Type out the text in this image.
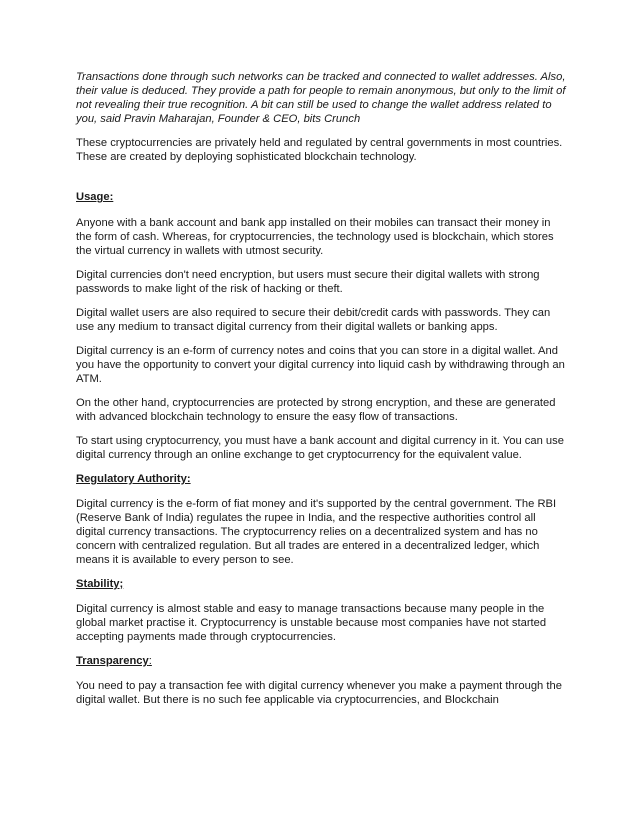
Transactions done through such networks can be tracked and connected to wallet addresses. Also, their value is deduced. They provide a path for people to remain anonymous, but only to the limit of not revealing their true recognition. A bit can still be used to change the wallet address related to you, said Pravin Maharajan, Founder & CEO, bits Crunch

These cryptocurrencies are privately held and regulated by central governments in most countries. These are created by deploying sophisticated blockchain technology.

Usage:

Anyone with a bank account and bank app installed on their mobiles can transact their money in the form of cash. Whereas, for cryptocurrencies, the technology used is blockchain, which stores the virtual currency in wallets with utmost security.

Digital currencies don't need encryption, but users must secure their digital wallets with strong passwords to make light of the risk of hacking or theft.

Digital wallet users are also required to secure their debit/credit cards with passwords. They can use any medium to transact digital currency from their digital wallets or banking apps.

Digital currency is an e-form of currency notes and coins that you can store in a digital wallet. And you have the opportunity to convert your digital currency into liquid cash by withdrawing through an ATM.

On the other hand, cryptocurrencies are protected by strong encryption, and these are generated with advanced blockchain technology to ensure the easy flow of transactions.

To start using cryptocurrency, you must have a bank account and digital currency in it. You can use digital currency through an online exchange to get cryptocurrency for the equivalent value.

Regulatory Authority:

Digital currency is the e-form of fiat money and it's supported by the central government. The RBI (Reserve Bank of India) regulates the rupee in India, and the respective authorities control all digital currency transactions. The cryptocurrency relies on a decentralized system and has no concern with centralized regulation. But all trades are entered in a decentralized ledger, which means it is available to every person to see.

Stability;

Digital currency is almost stable and easy to manage transactions because many people in the global market practise it. Cryptocurrency is unstable because most companies have not started accepting payments made through cryptocurrencies.

Transparency:

You need to pay a transaction fee with digital currency whenever you make a payment through the digital wallet. But there is no such fee applicable via cryptocurrencies, and Blockchain
